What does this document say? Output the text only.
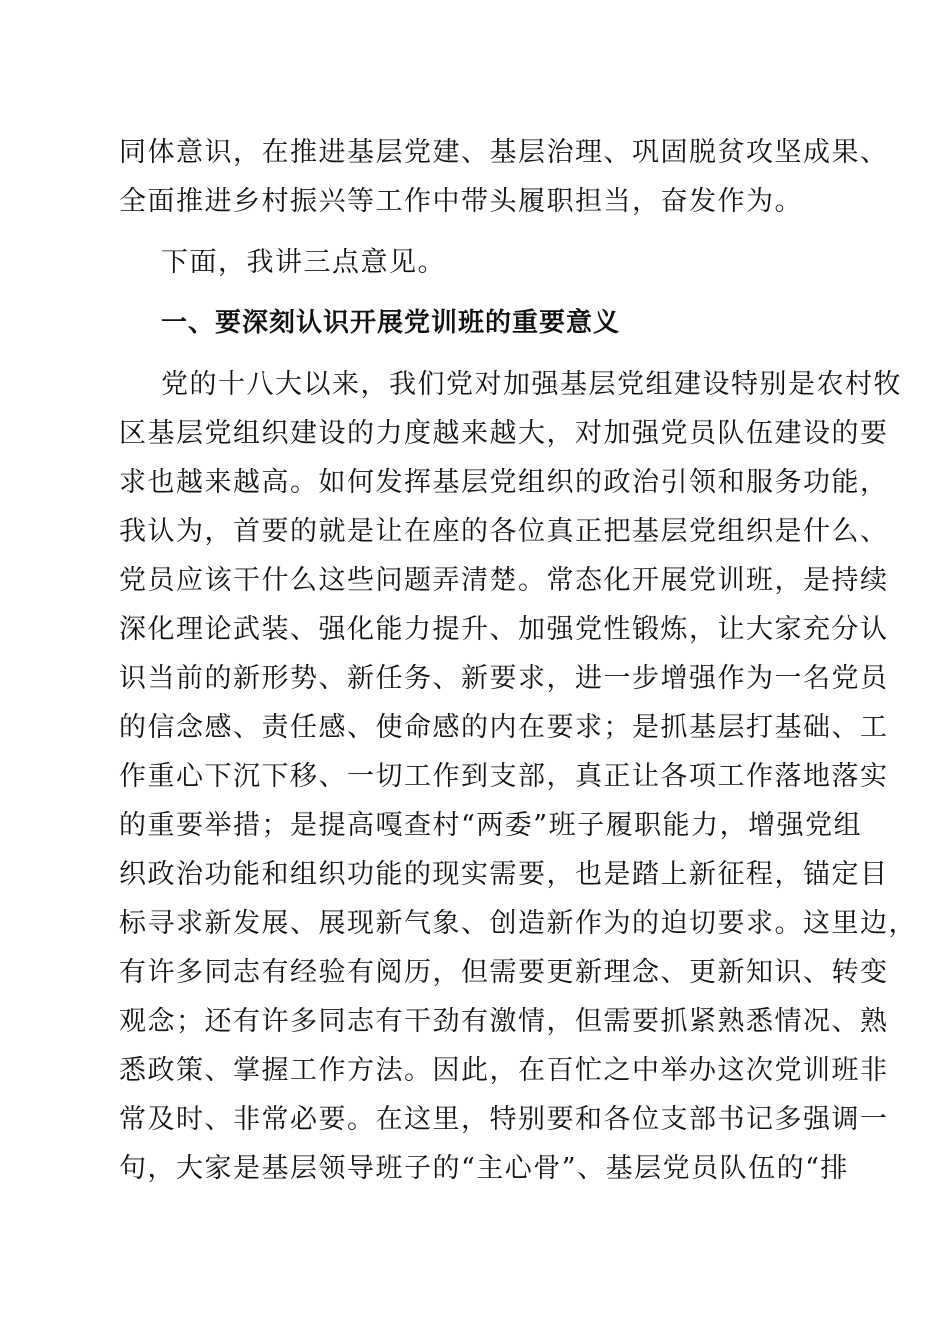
同体意识，在推进基层党建、基层治理、巩固脱贫攻坚成果、
全面推进乡村振兴等工作中带头履职担当，奋发作为。
下面，我讲三点意见。
一、要深刻认识开展党训班的重要意义
党的十八大以来，我们党对加强基层党组建设特别是农村牧
区基层党组织建设的力度越来越大，对加强党员队伍建设的要
求也越来越高。如何发挥基层党组织的政治引领和服务功能，
我认为，首要的就是让在座的各位真正把基层党组织是什么、
党员应该干什么这些问题弄清楚。常态化开展党训班，是持续
深化理论武装、强化能力提升、加强党性锻炼，让大家充分认
识当前的新形势、新任务、新要求，进一步增强作为一名党员
的信念感、责任感、使命感的内在要求；是抓基层打基础、工
作重心下沉下移、一切工作到支部，真正让各项工作落地落实
的重要举措；是提高嘎查村“两委”班子履职能力，增强党组
织政治功能和组织功能的现实需要，也是踏上新征程，锚定目
标寻求新发展、展现新气象、创造新作为的迫切要求。这里边，
有许多同志有经验有阅历，但需要更新理念、更新知识、转变
观念；还有许多同志有干劲有激情，但需要抓紧熟悉情况、熟
悉政策、掌握工作方法。因此，在百忙之中举办这次党训班非
常及时、非常必要。在这里，特别要和各位支部书记多强调一
句，大家是基层领导班子的“主心骨”、基层党员队伍的“排
